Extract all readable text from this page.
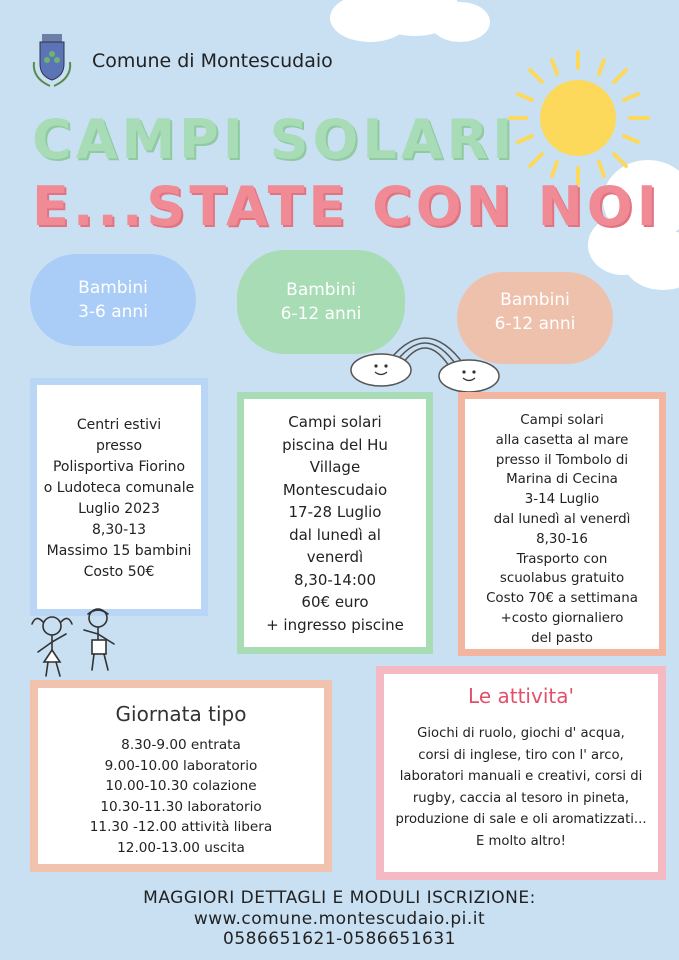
Comune di Montescudaio
CAMPI SOLARI
E...STATE CON NOI
Bambini
3-6 anni
Bambini
6-12 anni
Bambini
6-12 anni
Centri estivi
presso
Polisportiva Fiorino
o Ludoteca comunale
Luglio 2023
8,30-13
Massimo 15 bambini
Costo 50€
Campi solari
piscina del Hu
Village
Montescudaio
17-28 Luglio
dal lunedì al
venerdì
8,30-14:00
60€ euro
+ ingresso piscine
Campi solari
alla casetta al mare
presso il Tombolo di
Marina di Cecina
3-14 Luglio
dal lunedì al venerdì
8,30-16
Trasporto con
scuolabus gratuito
Costo 70€ a settimana
+costo giornaliero
del pasto
Giornata tipo
8.30-9.00 entrata
9.00-10.00 laboratorio
10.00-10.30 colazione
10.30-11.30 laboratorio
11.30 -12.00 attività libera
12.00-13.00 uscita
Le attivita'
Giochi di ruolo, giochi d' acqua,
corsi di inglese, tiro con l' arco,
laboratori manuali e creativi, corsi di
rugby, caccia al tesoro in pineta,
produzione di sale e oli aromatizzati...
E molto altro!
MAGGIORI DETTAGLI E MODULI ISCRIZIONE:
www.comune.montescudaio.pi.it
0586651621-0586651631
